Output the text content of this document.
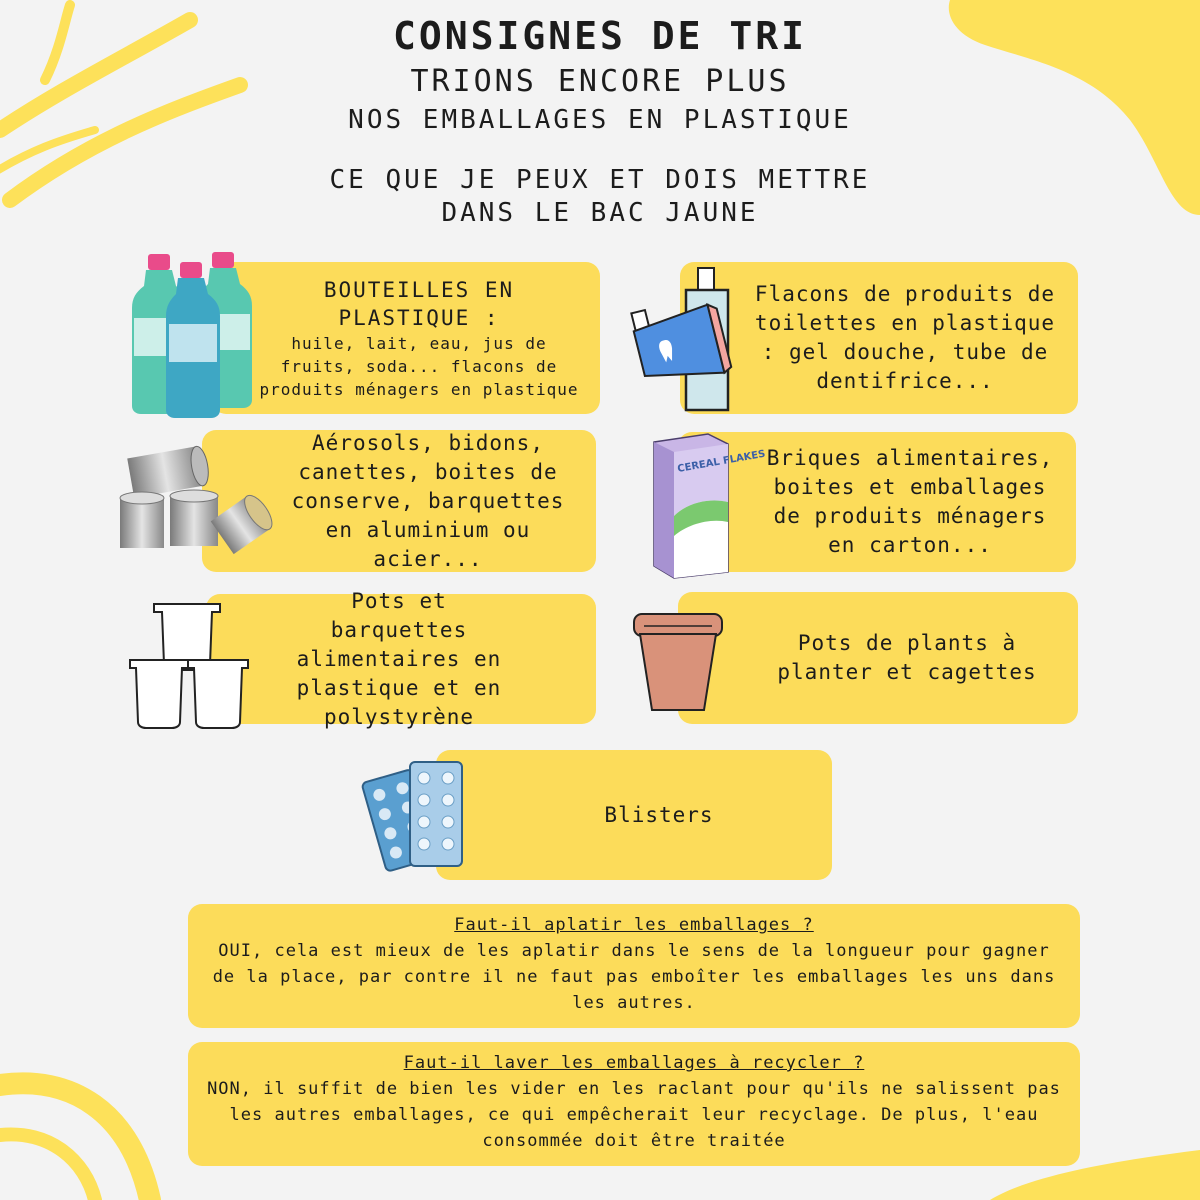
CONSIGNES DE TRI
TRIONS ENCORE PLUS
NOS EMBALLAGES EN PLASTIQUE
CE QUE JE PEUX ET DOIS METTRE
DANS LE BAC JAUNE
BOUTEILLES EN PLASTIQUE :
huile, lait, eau, jus de fruits, soda... flacons de produits ménagers en plastique
Flacons de produits de toilettes en plastique : gel douche, tube de dentifrice...
Aérosols, bidons, canettes, boites de conserve, barquettes en aluminium ou acier...
Briques alimentaires, boites et emballages de produits ménagers en carton...
CEREAL FLAKES
Pots et barquettes alimentaires en plastique et en polystyrène
Pots de plants à planter et cagettes
Blisters
Faut-il aplatir les emballages ?
OUI, cela est mieux de les aplatir dans le sens de la longueur pour gagner de la place, par contre il ne faut pas emboîter les emballages les uns dans les autres.
Faut-il laver les emballages à recycler ?
NON, il suffit de bien les vider en les raclant pour qu'ils ne salissent pas les autres emballages, ce qui empêcherait leur recyclage. De plus, l'eau consommée doit être traitée
